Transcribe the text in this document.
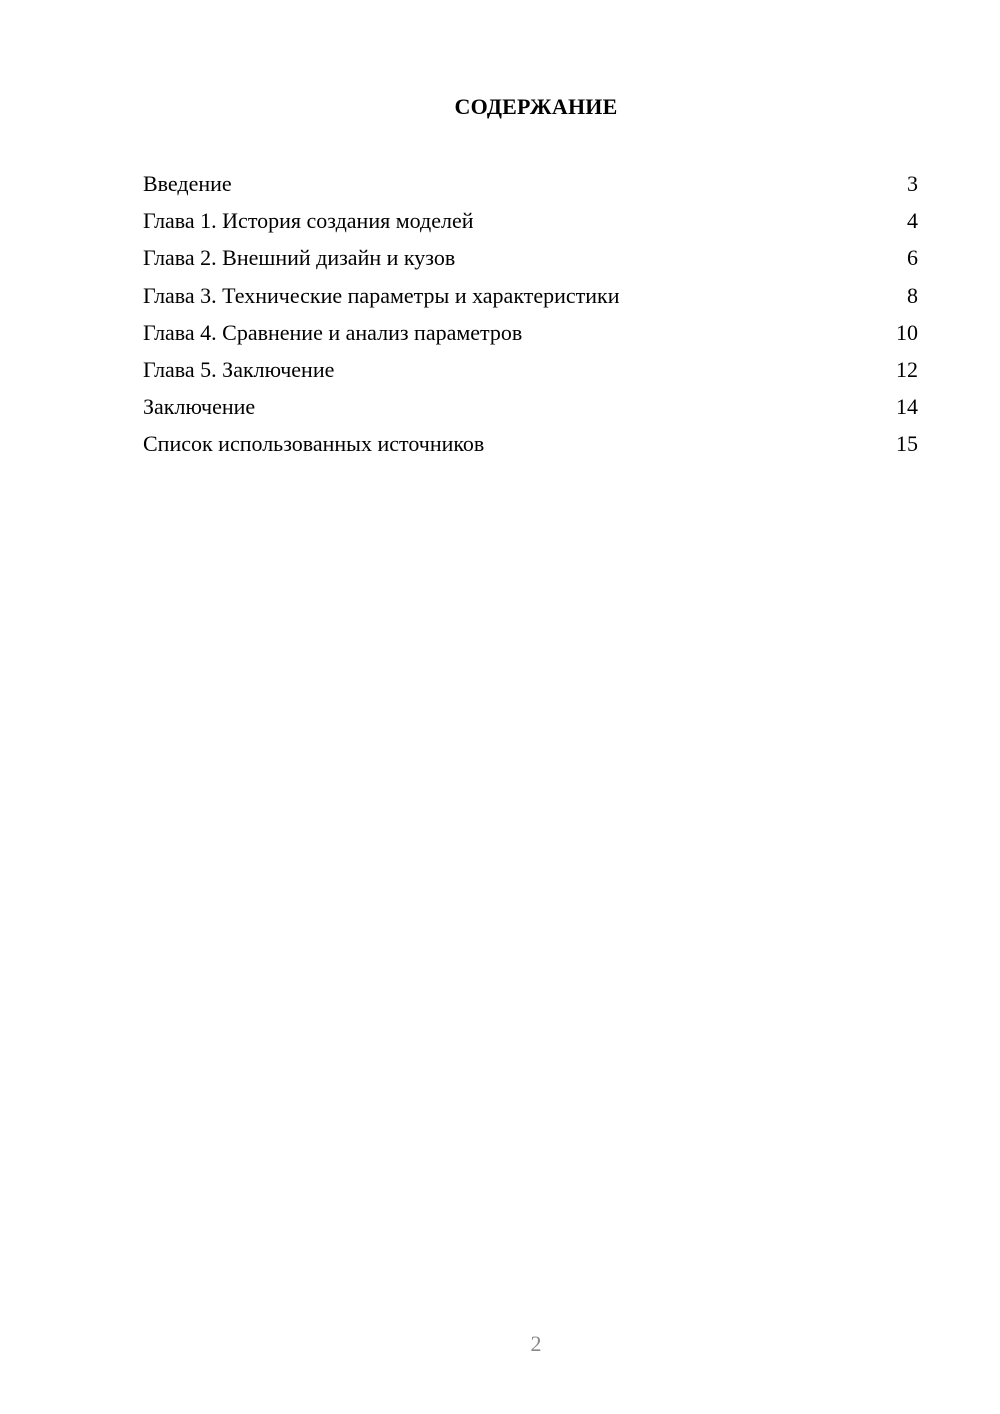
СОДЕРЖАНИЕ
Введение	3
Глава 1. История создания моделей	4
Глава 2. Внешний дизайн и кузов	6
Глава 3. Технические параметры и характеристики	8
Глава 4. Сравнение и анализ параметров	10
Глава 5. Заключение	12
Заключение	14
Список использованных источников	15
2
